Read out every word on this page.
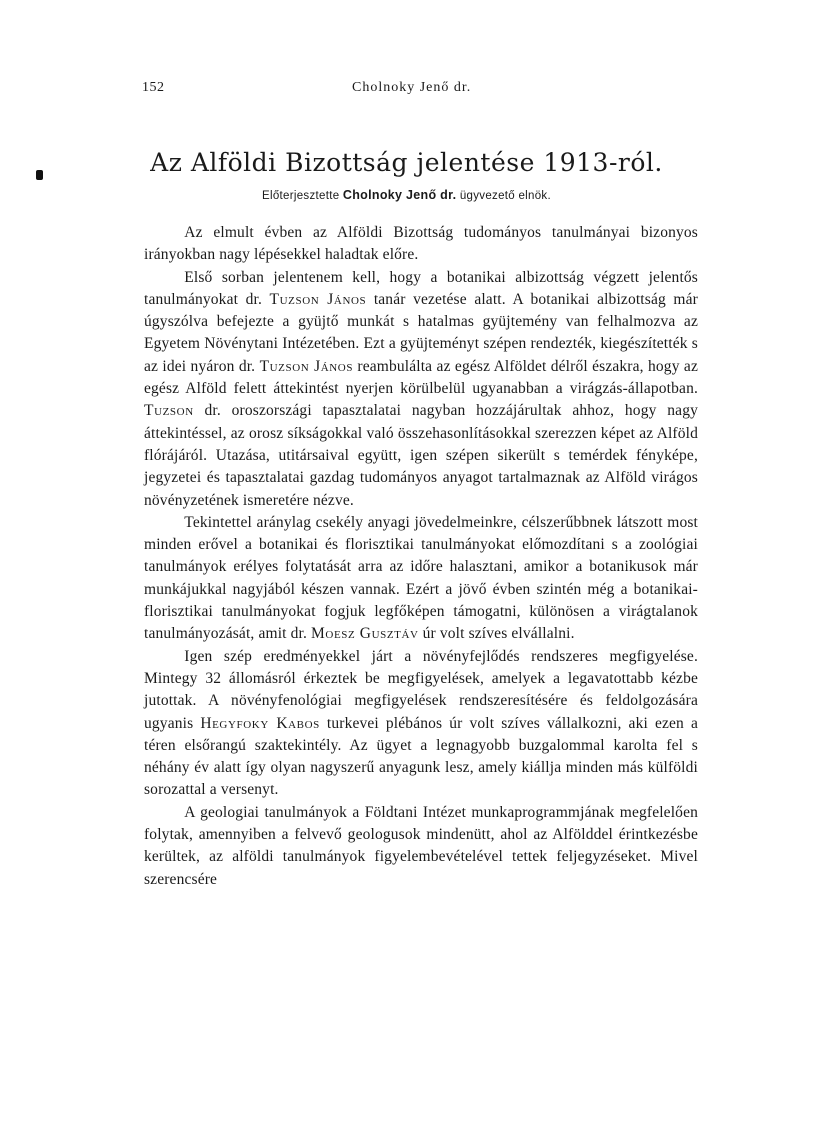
152	Cholnoky Jenő dr.
Az Alföldi Bizottság jelentése 1913-ról.
Előterjesztette Cholnoky Jenő dr. ügyvezető elnök.

Az elmult évben az Alföldi Bizottság tudományos tanulmányai bizonyos irányokban nagy lépésekkel haladtak előre.

Első sorban jelentenem kell, hogy a botanikai albizottság végzett jelentős tanulmányokat dr. Tuzson János tanár vezetése alatt. A botanikai albizottság már úgyszólva befejezte a gyüjtő munkát s hatalmas gyüjtemény van felhalmozva az Egyetem Növénytani Intézetében. Ezt a gyüjteményt szépen rendezték, kiegészítették s az idei nyáron dr. Tuzson János reambulálta az egész Alföldet délről északra, hogy az egész Alföld felett áttekintést nyerjen körülbelül ugyanabban a virágzás-állapotban. Tuzson dr. oroszországi tapasztalatai nagyban hozzájárultak ahhoz, hogy nagy áttekintéssel, az orosz síkságokkal való összehasonlításokkal szerezzen képet az Alföld flórájáról. Utazása, utitársaival együtt, igen szépen sikerült s temérdek fényképe, jegyzetei és tapasztalatai gazdag tudományos anyagot tartalmaznak az Alföld virágos növényzetének ismeretére nézve.

Tekintettel aránylag csekély anyagi jövedelmeinkre, célszerűbbnek látszott most minden erővel a botanikai és florisztikai tanulmányokat előmozdítani s a zoológiai tanulmányok erélyes folytatását arra az időre halasztani, amikor a botanikusok már munkájukkal nagyjából készen vannak. Ezért a jövő évben szintén még a botanikai-florisztikai tanulmányokat fogjuk legfőképen támogatni, különösen a virágtalanok tanulmányozását, amit dr. Moesz Gusztáv úr volt szíves elvállalni.

Igen szép eredményekkel járt a növényfejlődés rendszeres megfigyelése. Mintegy 32 állomásról érkeztek be megfigyelések, amelyek a legavatottabb kézbe jutottak. A növényfenológiai megfigyelések rendszeresítésére és feldolgozására ugyanis Hegyfoky Kabos turkevei plébános úr volt szíves vállalkozni, aki ezen a téren elsőrangú szaktekintély. Az ügyet a legnagyobb buzgalommal karolta fel s néhány év alatt így olyan nagyszerű anyagunk lesz, amely kiállja minden más külföldi sorozattal a versenyt.

A geologiai tanulmányok a Földtani Intézet munkaprogrammjának megfelelően folytak, amennyiben a felvevő geologusok mindenütt, ahol az Alfölddel érintkezésbe kerültek, az alföldi tanulmányok figyelembevételével tettek feljegyzéseket. Mivel szerencsére
